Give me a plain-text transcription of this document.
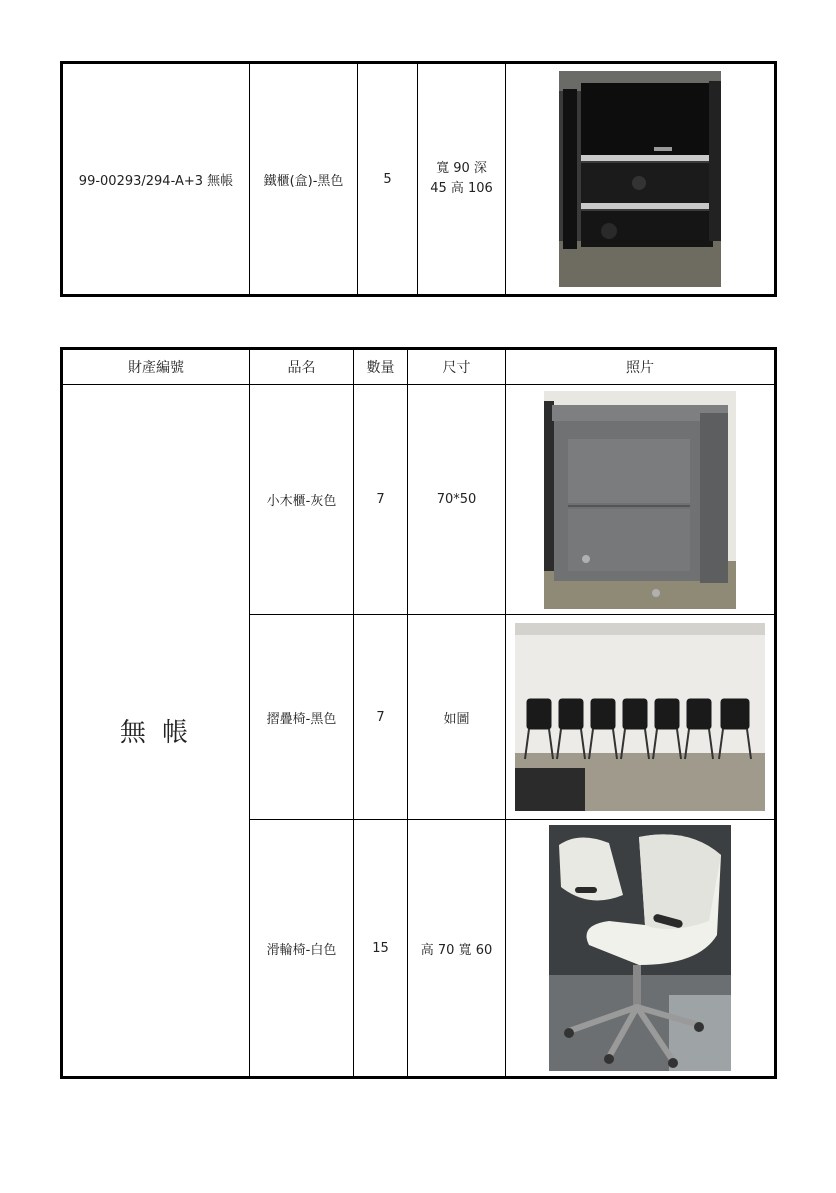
99-00293/294-A+3 無帳	鐵櫃(盒)-黑色	5	寬 90 深
45 高 106	
財產編號	品名	數量	尺寸	照片
無 帳	小木櫃-灰色	7	70*50	

	摺疊椅-黑色	7	如圖	

	滑輪椅-白色	15	高 70 寬 60	
